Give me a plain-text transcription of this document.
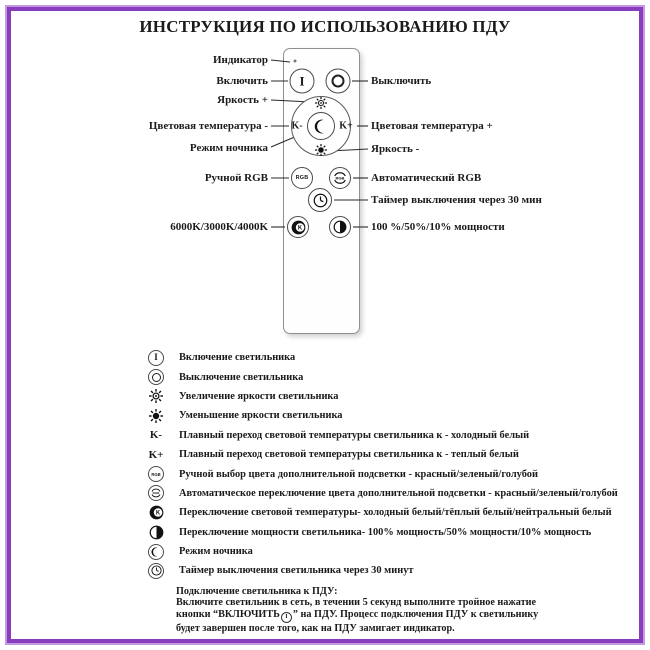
ИНСТРУКЦИЯ ПО ИСПОЛЬЗОВАНИЮ ПДУ
I
K-	K+
RGB	RGB
K
Индикатор
Включить
Яркость +
Цветовая температура -
Режим ночника
Ручной RGB
6000K/3000K/4000K
Выключить
Цветовая температура +
Яркость -
Автоматический RGB
Таймер выключения через 30 мин
100 %/50%/10% мощности
I Включение светильника
Выключение светильника
Увеличение яркости светильника
Уменьшение яркости светильника
K- Плавный переход световой температуры светильника к - холодный белый
K+ Плавный переход световой температуры светильника к - теплый белый
RGB Ручной выбор цвета дополнительной подсветки - красный/зеленый/голубой
RGB Автоматическое переключение цвета дополнительной подсветки - красный/зеленый/голубой
K Переключение световой температуры- холодный белый/тёплый белый/нейтральный белый
Переключение мощности светильника- 100% мощность/50% мощности/10% мощность
Режим ночника
Таймер выключения светильника через 30 минут
Подключение светильника к ПДУ:
Включите светильник в сеть, в течении 5 секунд выполните тройное нажатие кнопки “ВКЛЮЧИТЬ I ” на ПДУ. Процесс подключения ПДУ к светильнику будет завершен после того, как на ПДУ замигает индикатор.
